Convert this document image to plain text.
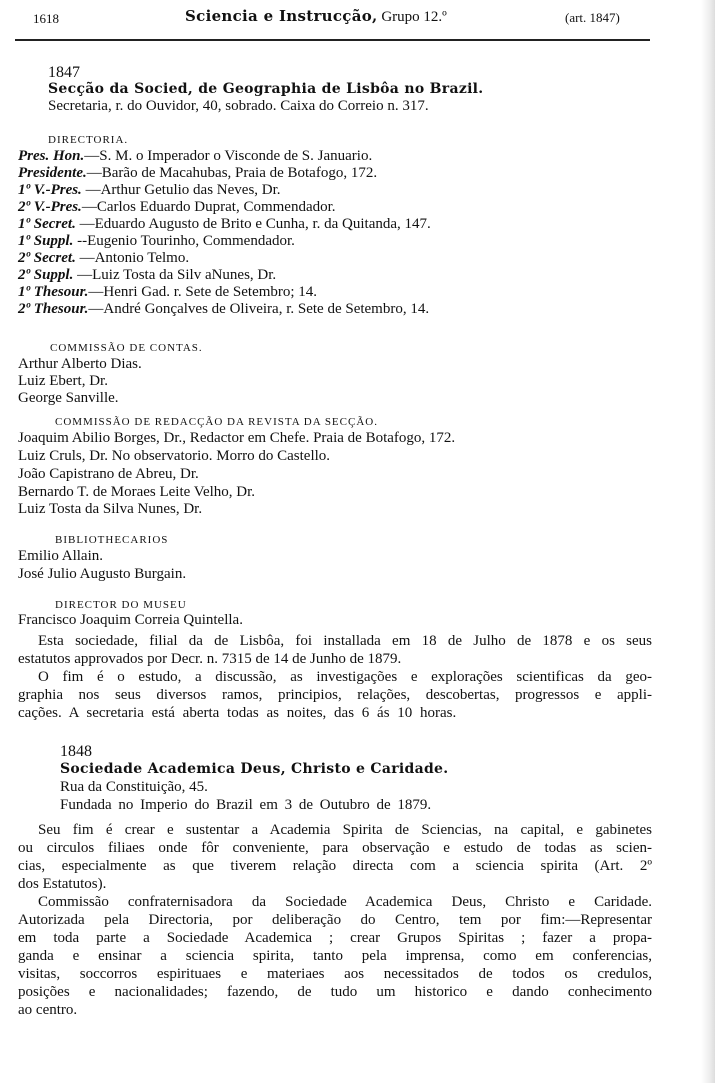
1618	Sciencia e Instrucção, Grupo 12.º	(art. 1847)
1847
Secção da Socied, de Geographia de Lisbôa no Brazil.
Secretaria, r. do Ouvidor, 40, sobrado. Caixa do Correio n. 317.
DIRECTORIA.
Pres. Hon.—S. M. o Imperador o Visconde de S. Januario.
Presidente.—Barão de Macahubas, Praia de Botafogo, 172.
1º V.-Pres. —Arthur Getulio das Neves, Dr.
2º V.-Pres.—Carlos Eduardo Duprat, Commendador.
1º Secret. —Eduardo Augusto de Brito e Cunha, r. da Quitanda, 147.
1º Suppl. --Eugenio Tourinho, Commendador.
2º Secret. —Antonio Telmo.
2º Suppl. —Luiz Tosta da Silv aNunes, Dr.
1º Thesour.—Henri Gad. r. Sete de Setembro; 14.
2º Thesour.—André Gonçalves de Oliveira, r. Sete de Setembro, 14.
COMMISSÃO DE CONTAS.
Arthur Alberto Dias.
Luiz Ebert, Dr.
George Sanville.
COMMISSÃO DE REDACÇÃO DA REVISTA DA SECÇÃO.
Joaquim Abilio Borges, Dr., Redactor em Chefe. Praia de Botafogo, 172.
Luiz Cruls, Dr. No observatorio. Morro do Castello.
João Capistrano de Abreu, Dr.
Bernardo T. de Moraes Leite Velho, Dr.
Luiz Tosta da Silva Nunes, Dr.
BIBLIOTHECARIOS
Emilio Allain.
José Julio Augusto Burgain.
DIRECTOR DO MUSEU
Francisco Joaquim Correia Quintella.
Esta sociedade, filial da de Lisbôa, foi installada em 18 de Julho de 1878 e os seus
estatutos approvados por Decr. n. 7315 de 14 de Junho de 1879.
O fim é o estudo, a discussão, as investigações e explorações scientificas da geo-
graphia nos seus diversos ramos, principios, relações, descobertas, progressos e appli-
cações. A secretaria está aberta todas as noites, das 6 ás 10 horas.
1848
Sociedade Academica Deus, Christo e Caridade.
Rua da Constituição, 45.
Fundada no Imperio do Brazil em 3 de Outubro de 1879.
Seu fim é crear e sustentar a Academia Spirita de Sciencias, na capital, e gabinetes
ou circulos filiaes onde fôr conveniente, para observação e estudo de todas as scien-
cias, especialmente as que tiverem relação directa com a sciencia spirita (Art. 2º
dos Estatutos).
Commissão confraternisadora da Sociedade Academica Deus, Christo e Caridade.
Autorizada pela Directoria, por deliberação do Centro, tem por fim:—Representar
em toda parte a Sociedade Academica ; crear Grupos Spiritas ; fazer a propa-
ganda e ensinar a sciencia spirita, tanto pela imprensa, como em conferencias,
visitas, soccorros espirituaes e materiaes aos necessitados de todos os credulos,
posições e nacionalidades; fazendo, de tudo um historico e dando conhecimento
ao centro.
